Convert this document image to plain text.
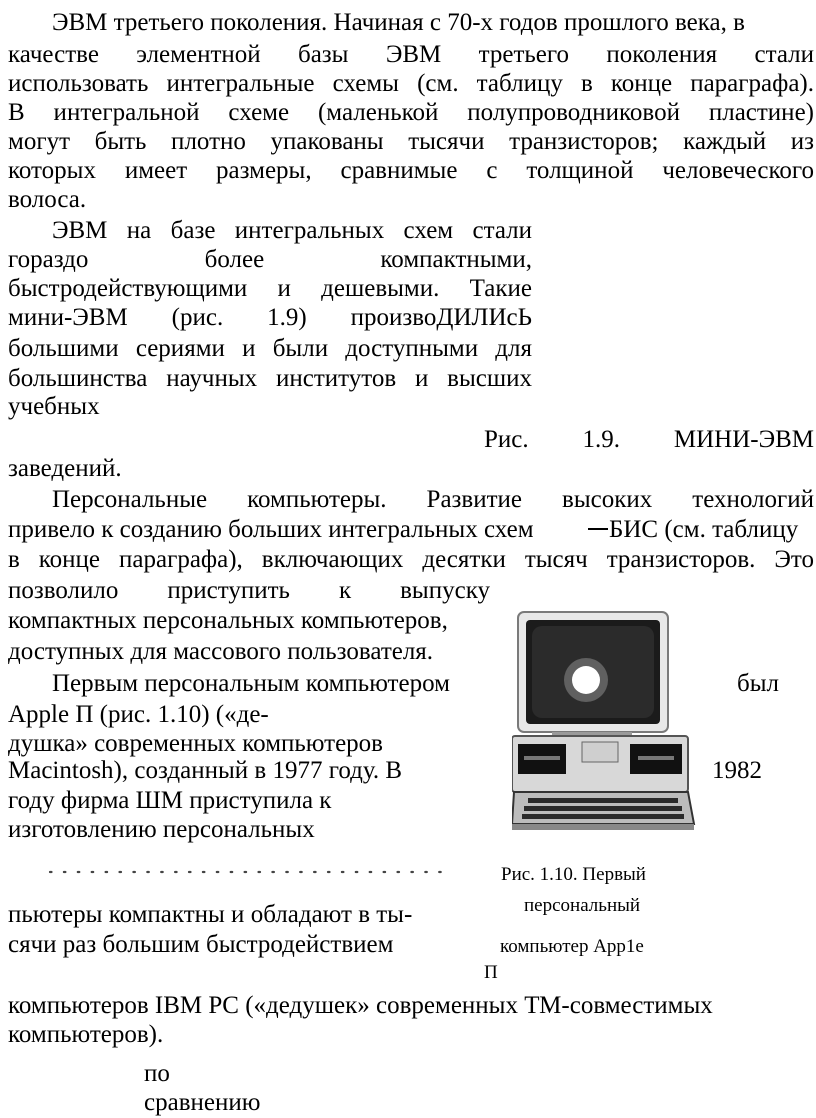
ЭВМ третьего поколения. Начиная с 70-х годов прошлого века, в
качестве элементной базы ЭВМ третьего поколения стали
использовать интегральные схемы (см. таблицу в конце параграфа).
В интегральной схеме (маленькой полупроводниковой пластине)
могут быть плотно упакованы тысячи транзисторов; каждый из
которых имеет размеры, сравнимые с толщиной человеческого
волоса.
ЭВМ на базе интегральных схем стали
гораздо более компактными,
быстродействующими и дешевыми. Такие
мини-ЭВМ (рис. 1.9) произвоДИЛИсЬ
большими сериями и были доступными для
большинства научных институтов и высших
учебных
Рис. 1.9. МИНИ-ЭВМ
заведений.
Персональные компьютеры. Развитие высоких технологий
привело к созданию больших интегральных схем	БИС (см. таблицу
в конце параграфа), включающих десятки тысяч транзисторов. Это
позволило приступить к выпуску
компактных персональных компьютеров,
доступных для массового пользователя.
Первым персональным компьютером	был
Apple П (рис. 1.10) («де-
душка» современных компьютеров
Macintosh), созданный в 1977 году. В	1982
году фирма ШМ приступила к
изготовлению персональных
Рис. 1.10. Первый
персональный
компьютер App1e
П
пьютеры компактны и обладают в ты-
сячи раз большим быстродействием
компьютеров IBM PC («дедушек» современных ТМ-совместимых
компьютеров).
по
сравнению
